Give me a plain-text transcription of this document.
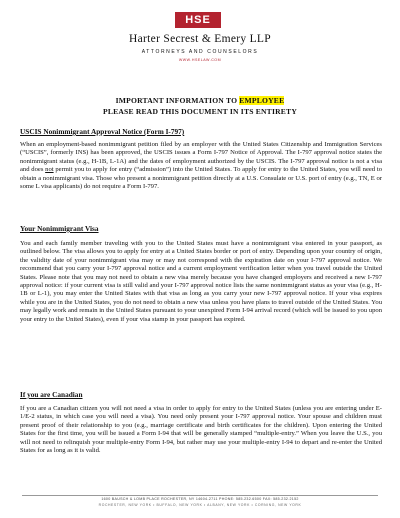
HSE
Harter Secrest & Emery LLP
ATTORNEYS AND COUNSELORS
WWW.HSELAW.COM
IMPORTANT INFORMATION TO EMPLOYEE
PLEASE READ THIS DOCUMENT IN ITS ENTIRETY
USCIS Nonimmigrant Approval Notice (Form I-797)

When an employment-based nonimmigrant petition filed by an employer with the United States Citizenship and Immigration Services (“USCIS”, formerly INS) has been approved, the USCIS issues a Form I-797 Notice of Approval. The I-797 approval notice states the nonimmigrant status (e.g., H-1B, L-1A) and the dates of employment authorized by the USCIS. The I-797 approval notice is not a visa and does not permit you to apply for entry (“admission”) into the United States. To apply for entry to the United States, you will need to obtain a nonimmigrant visa. Those who present a nonimmigrant petition directly at a U.S. Consulate or U.S. port of entry (e.g., TN, E or some L visa applicants) do not require a Form I-797.

Your Nonimmigrant Visa

You and each family member traveling with you to the United States must have a nonimmigrant visa entered in your passport, as outlined below. The visa allows you to apply for entry at a United States border or port of entry. Depending upon your country of origin, the validity date of your nonimmigrant visa may or may not correspond with the expiration date on your I-797 approval notice. We recommend that you carry your I-797 approval notice and a current employment verification letter when you travel outside the United States. Please note that you may not need to obtain a new visa merely because you have changed employers and received a new I-797 approval notice: if your current visa is still valid and your I-797 approval notice lists the same nonimmigrant status as your visa (e.g., H-1B or L-1), you may enter the United States with that visa as long as you carry your new I-797 approval notice. If your visa expires while you are in the United States, you do not need to obtain a new visa unless you have plans to travel outside of the United States. You may legally work and remain in the United States pursuant to your unexpired Form I-94 arrival record (which will be issued to you upon your entry to the United States), even if your visa stamp in your passport has expired.

If you are Canadian

If you are a Canadian citizen you will not need a visa in order to apply for entry to the United States (unless you are entering under E-1/E-2 status, in which case you will need a visa). You need only present your I-797 approval notice. Your spouse and children must present proof of their relationship to you (e.g., marriage certificate and birth certificates for the children). Upon entering the United States for the first time, you will be issued a Form I-94 that will be generally stamped “multiple-entry.” When you leave the U.S., you will not need to relinquish your multiple-entry Form I-94, but rather may use your multiple-entry I-94 to depart and re-enter the United States for as long as it is valid.

1600 BAUSCH & LOMB PLACE ROCHESTER, NY 14604-2711 PHONE: 585.232.6500 FAX: 585.232.2152
ROCHESTER, NEW YORK • BUFFALO, NEW YORK • ALBANY, NEW YORK • CORNING, NEW YORK
